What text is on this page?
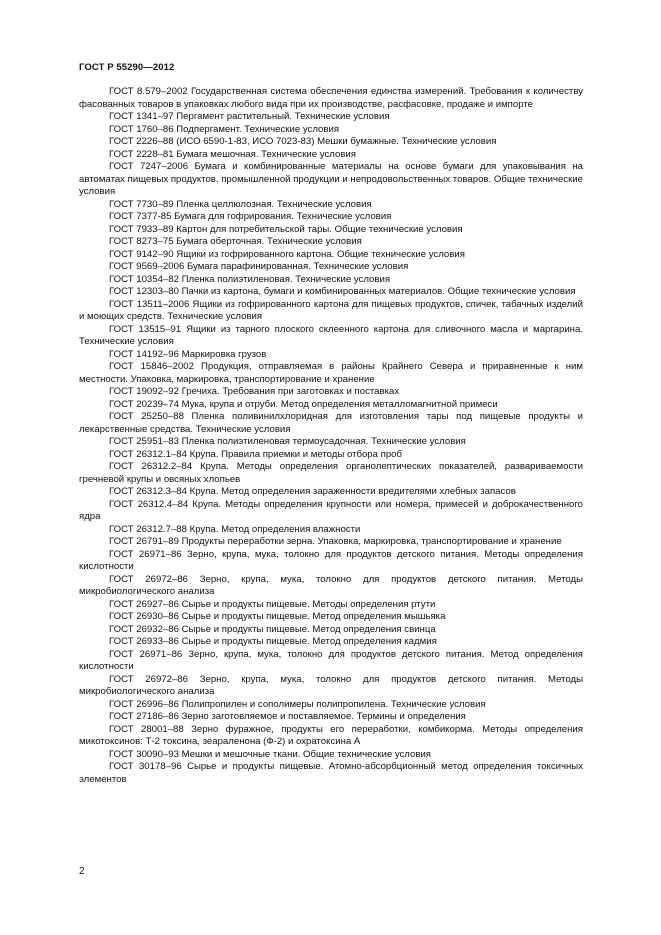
ГОСТ Р 55290—2012

ГОСТ 8.579–2002 Государственная система обеспечения единства измерений. Требования к количеству фасованных товаров в упаковках любого вида при их производстве, расфасовке, продаже и импорте

ГОСТ 1341–97 Пергамент растительный. Технические условия

ГОСТ 1760–86 Подпергамент. Технические условия

ГОСТ 2226–88 (ИСО 6590-1-83, ИСО 7023-83) Мешки бумажные. Технические условия

ГОСТ 2228–81 Бумага мешочная. Технические условия

ГОСТ 7247–2006 Бумага и комбинированные материалы на основе бумаги для упаковывания на автоматах пищевых продуктов, промышленной продукции и непродовольственных товаров. Общие технические условия

ГОСТ 7730–89 Пленка целлюлозная. Технические условия

ГОСТ 7377-85 Бумага для гофрирования. Технические условия

ГОСТ 7933–89 Картон для потребительской тары. Общие технические условия

ГОСТ 8273–75 Бумага оберточная. Технические условия

ГОСТ 9142–90 Ящики из гофрированного картона. Общие технические условия

ГОСТ 9569–2006 Бумага парафинированная. Технические условия

ГОСТ 10354–82 Пленка полиэтиленовая. Технические условия

ГОСТ 12303–80 Пачки из картона, бумаги и комбинированных материалов. Общие технические условия

ГОСТ 13511–2006 Ящики из гофрированного картона для пищевых продуктов, спичек, табачных изделий и моющих средств. Технические условия

ГОСТ 13515–91 Ящики из тарного плоского склеенного картона для сливочного масла и маргарина. Технические условия

ГОСТ 14192–96 Маркировка грузов

ГОСТ 15846–2002 Продукция, отправляемая в районы Крайнего Севера и приравненные к ним местности. Упаковка, маркировка, транспортирование и хранение

ГОСТ 19092–92 Гречиха. Требования при заготовках и поставках

ГОСТ 20239–74 Мука, крупа и отруби. Метод определения металломагнитной примеси

ГОСТ 25250–88 Пленка поливинилхлоридная для изготовления тары под пищевые продукты и лекарственные средства. Технические условия

ГОСТ 25951–83 Пленка полиэтиленовая термоусадочная. Технические условия

ГОСТ 26312.1–84 Крупа. Правила приемки и методы отбора проб

ГОСТ 26312.2–84 Крупа. Методы определения органолептических показателей, развариваемости гречневой крупы и овсяных хлопьев

ГОСТ 26312.3–84 Крупа. Метод определения зараженности вредителями хлебных запасов

ГОСТ 26312.4–84 Крупа. Методы определения крупности или номера, примесей и доброкачественного ядра

ГОСТ 26312.7–88 Крупа. Метод определения влажности

ГОСТ 26791–89 Продукты переработки зерна. Упаковка, маркировка, транспортирование и хранение

ГОСТ 26971–86 Зерно, крупа, мука, толокно для продуктов детского питания. Методы определения кислотности

ГОСТ 26972–86 Зерно, крупа, мука, толокно для продуктов детского питания. Методы микробиологического анализа

ГОСТ 26927–86 Сырье и продукты пищевые. Методы определения ртути

ГОСТ 26930–86 Сырье и продукты пищевые. Метод определения мышьяка

ГОСТ 26932–86 Сырье и продукты пищевые. Метод определения свинца

ГОСТ 26933–86 Сырье и продукты пищевые. Метод определения кадмия

ГОСТ 26971–86 Зерно, крупа, мука, толокно для продуктов детского питания. Метод определения кислотности

ГОСТ 26972–86 Зерно, крупа, мука, толокно для продуктов детского питания. Методы микробиологического анализа

ГОСТ 26996–86 Полипропилен и сополимеры полипропилена. Технические условия

ГОСТ 27186–86 Зерно заготовляемое и поставляемое. Термины и определения

ГОСТ 28001–88 Зерно фуражное, продукты его переработки, комбикорма. Методы определения микотоксинов: Т-2 токсина, зеараленона (Ф-2) и охратоксина А

ГОСТ 30090–93 Мешки и мешочные ткани. Общие технические условия

ГОСТ 30178–96 Сырье и продукты пищевые. Атомно-абсорбционный метод определения токсичных элементов

2
